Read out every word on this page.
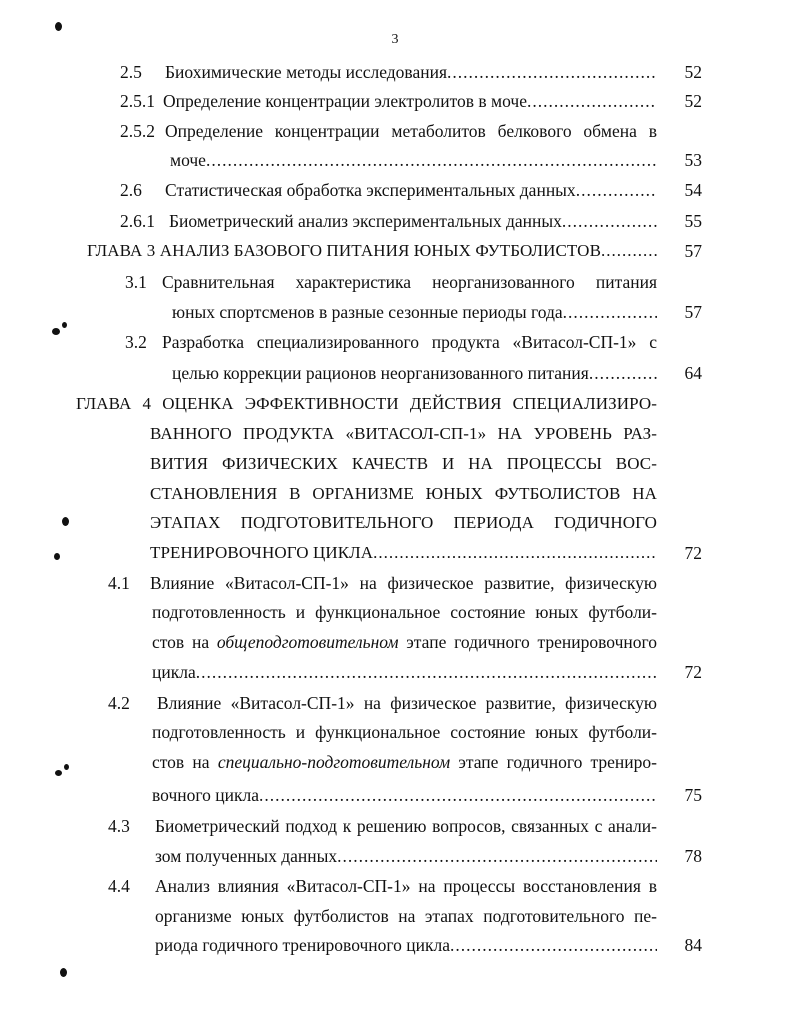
3
2.5 Биохимические методы исследования .....	52
2.5.1 Определение концентрации электролитов в моче .....	52
2.5.2 Определение концентрации метаболитов белкового обмена в
моче .....	53
2.6 Статистическая обработка экспериментальных данных .....	54
2.6.1 Биометрический анализ экспериментальных данных .....	55
ГЛАВА 3 АНАЛИЗ БАЗОВОГО ПИТАНИЯ ЮНЫХ ФУТБОЛИСТОВ .....	57
3.1 Сравнительная характеристика неорганизованного питания
юных спортсменов в разные сезонные периоды года .....	57
3.2 Разработка специализированного продукта «Витасол-СП-1» с
целью коррекции рационов неорганизованного питания .....	64
ГЛАВА 4 ОЦЕНКА ЭФФЕКТИВНОСТИ ДЕЙСТВИЯ СПЕЦИАЛИЗИРО-
ВАННОГО ПРОДУКТА «ВИТАСОЛ-СП-1» НА УРОВЕНЬ РАЗ-
ВИТИЯ ФИЗИЧЕСКИХ КАЧЕСТВ И НА ПРОЦЕССЫ ВОС-
СТАНОВЛЕНИЯ В ОРГАНИЗМЕ ЮНЫХ ФУТБОЛИСТОВ НА
ЭТАПАХ ПОДГОТОВИТЕЛЬНОГО ПЕРИОДА ГОДИЧНОГО
ТРЕНИРОВОЧНОГО ЦИКЛА .....	72
4.1 Влияние «Витасол-СП-1» на физическое развитие, физическую
подготовленность и функциональное состояние юных футболи-
стов на общеподготовительном этапе годичного тренировочного
цикла .....	72
4.2 Влияние «Витасол-СП-1» на физическое развитие, физическую
подготовленность и функциональное состояние юных футболи-
стов на специально-подготовительном этапе годичного трениро-
вочного цикла .....	75
4.3 Биометрический подход к решению вопросов, связанных с анали-
зом полученных данных .....	78
4.4 Анализ влияния «Витасол-СП-1» на процессы восстановления в
организме юных футболистов на этапах подготовительного пе-
риода годичного тренировочного цикла .....	84
